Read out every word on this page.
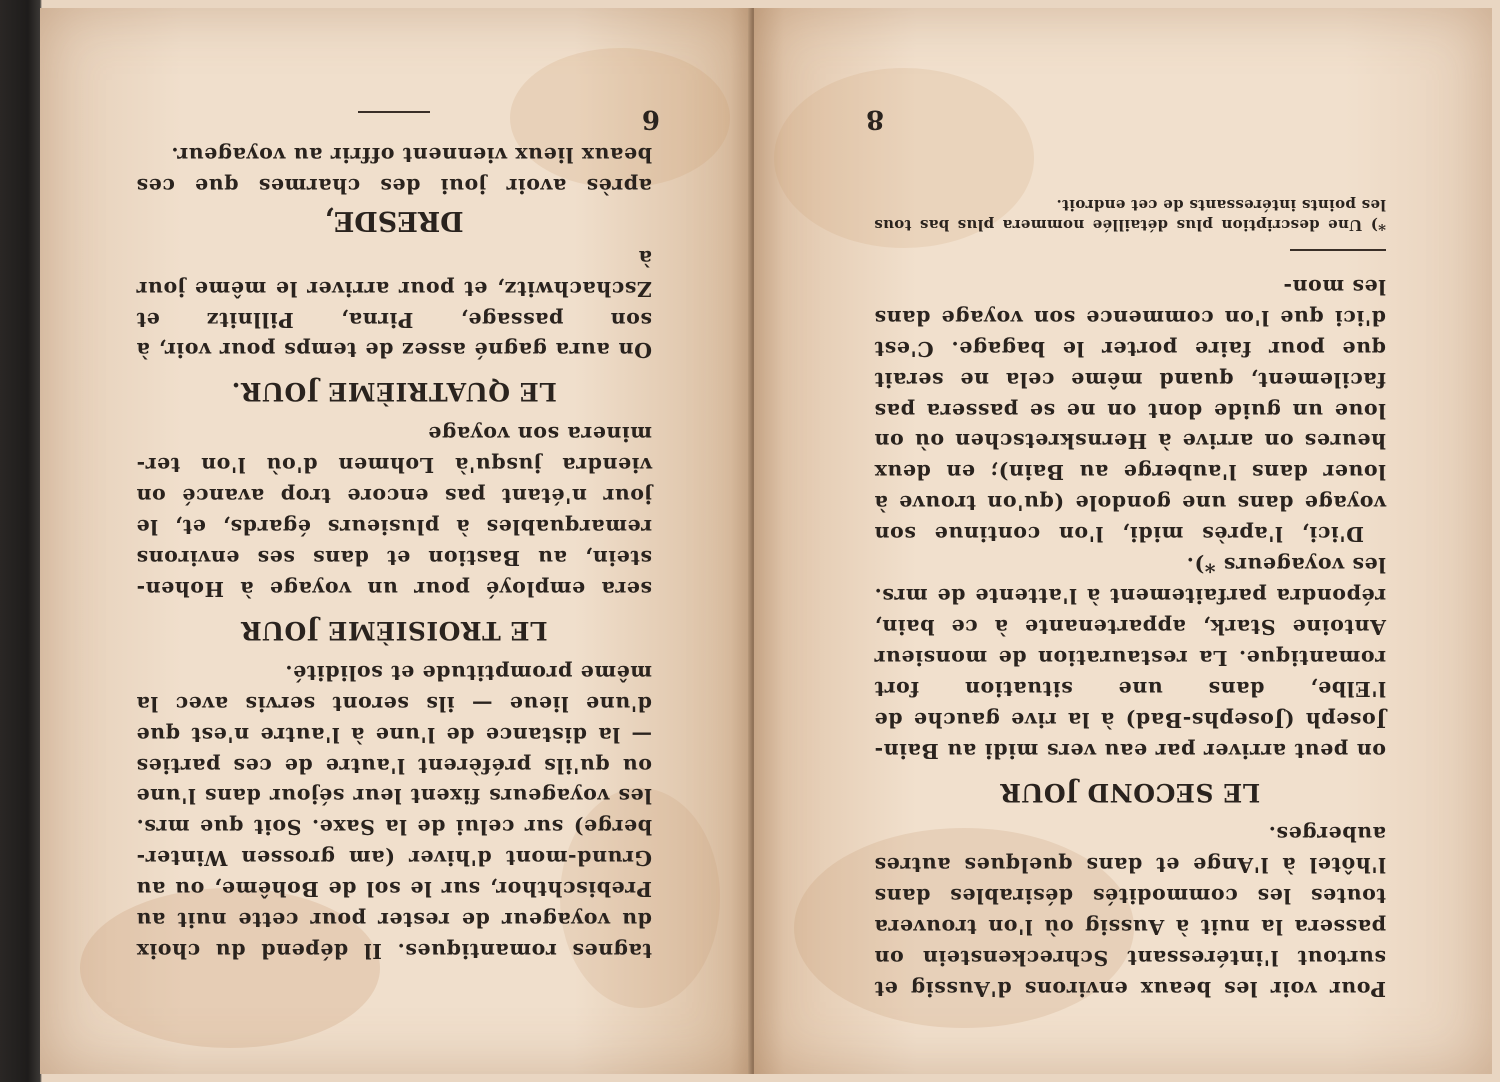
tagnes romantiques. Il dépend du choix du voyageur de rester pour cette nuit au Prebischthor, sur le sol de Bohême, ou au Grund-mont d'hiver (am grossen Winter-berge) sur celui de la Saxe. Soit que mrs. les voyageurs fixent leur séjour dans l'une ou qu'ils préfèrent l'autre de ces parties — la distance de l'une à l'autre n'est que d'une lieue — ils seront servis avec la même promptitude et solidité.

LE TROISIÈME JOUR

sera employé pour un voyage à Hohen-stein, au Bastion et dans ses environs remarquables à plusieurs égards, et, le jour n'étant pas encore trop avancé on viendra jusqu'à Lohmen d'où l'on ter-minera son voyage

LE QUATRIÈME JOUR.

On aura gagné assez de temps pour voir, à son passage, Pirna, Pillnitz et Zschachwitz, et pour arriver le même jour à

DRESDE,

après avoir joui des charmes que ces beaux lieux viennent offrir au voyageur.

6

Pour voir les beaux environs d'Aussig et surtout l'intéressant Schreckenstein on passera la nuit à Aussig où l'on trouvera toutes les commodités désirables dans l'hôtel à l'Ange et dans quelques autres auberges.

LE SECOND JOUR

on peut arriver par eau vers midi au Bain-Joseph (Josephs-Bad) à la rive gauche de l'Elbe, dans une situation fort romantique. La restauration de monsieur Antoine Stark, appartenante à ce bain, répondra parfaitement à l'attente de mrs. les voyageurs *).

D'ici, l'après midi, l'on continue son voyage dans une gondole (qu'on trouve à louer dans l'auberge au Bain); en deux heures on arrive à Hernskretschen où on loue un guide dont on ne se passera pas facilement, quand même cela ne serait que pour faire porter le bagage. C'est d'ici que l'on commence son voyage dans les mon-

*) Une description plus détaillée nommera plus bas tous les points intéressants de cet endroit.

8
